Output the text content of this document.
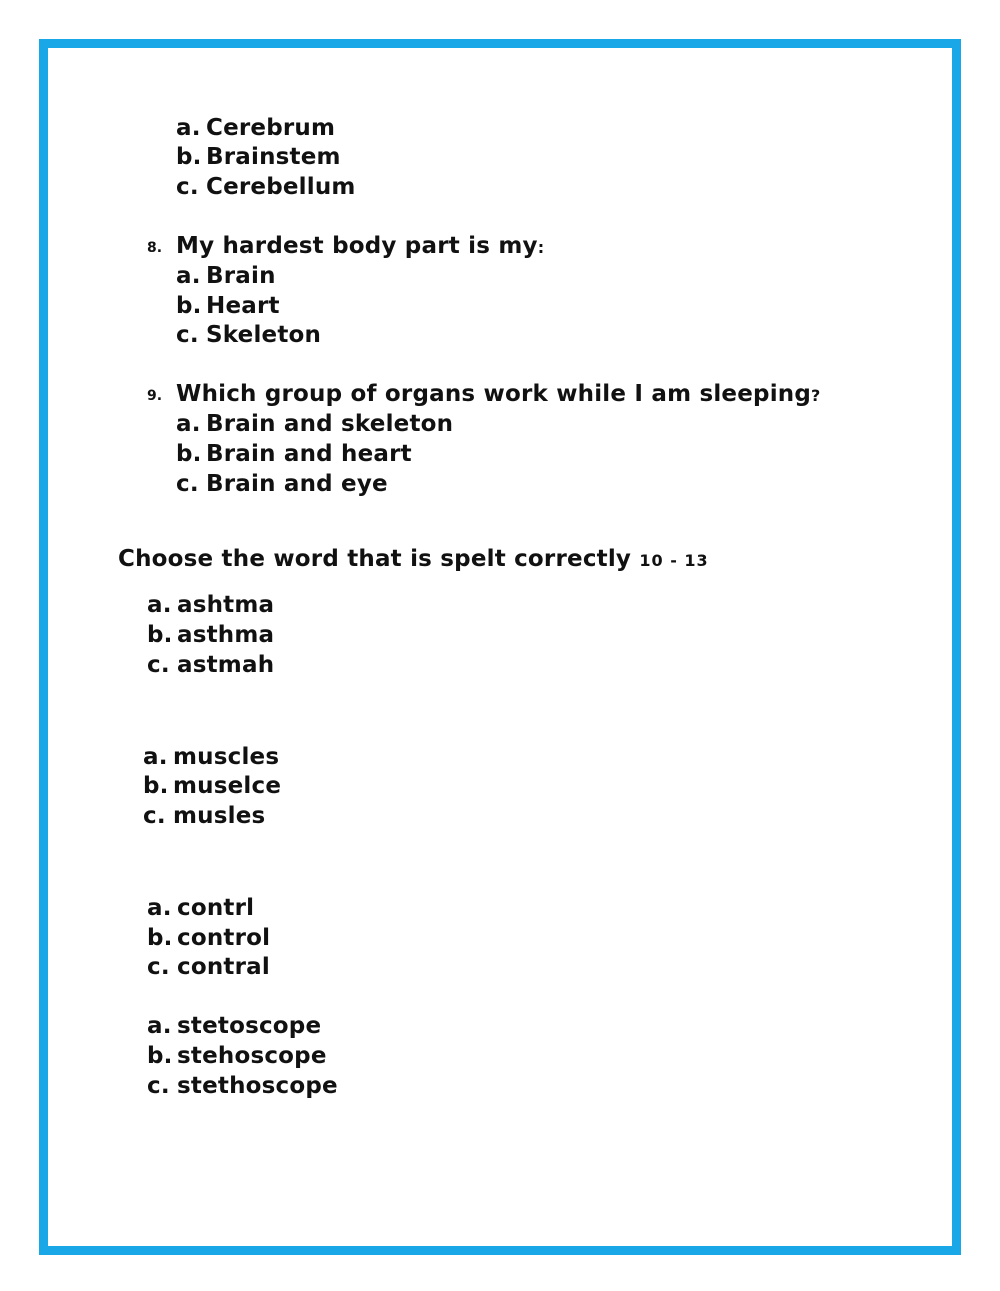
a. Cerebrum
b. Brainstem
c. Cerebellum
8. My hardest body part is my:
a. Brain
b. Heart
c. Skeleton
9. Which group of organs work while I am sleeping?
a. Brain and skeleton
b. Brain and heart
c. Brain and eye
Choose the word that is spelt correctly 10 - 13
a. ashtma
b. asthma
c. astmah
a. muscles
b. muselce
c. musles
a. contrl
b. control
c. contral
a. stetoscope
b. stehoscope
c. stethoscope
